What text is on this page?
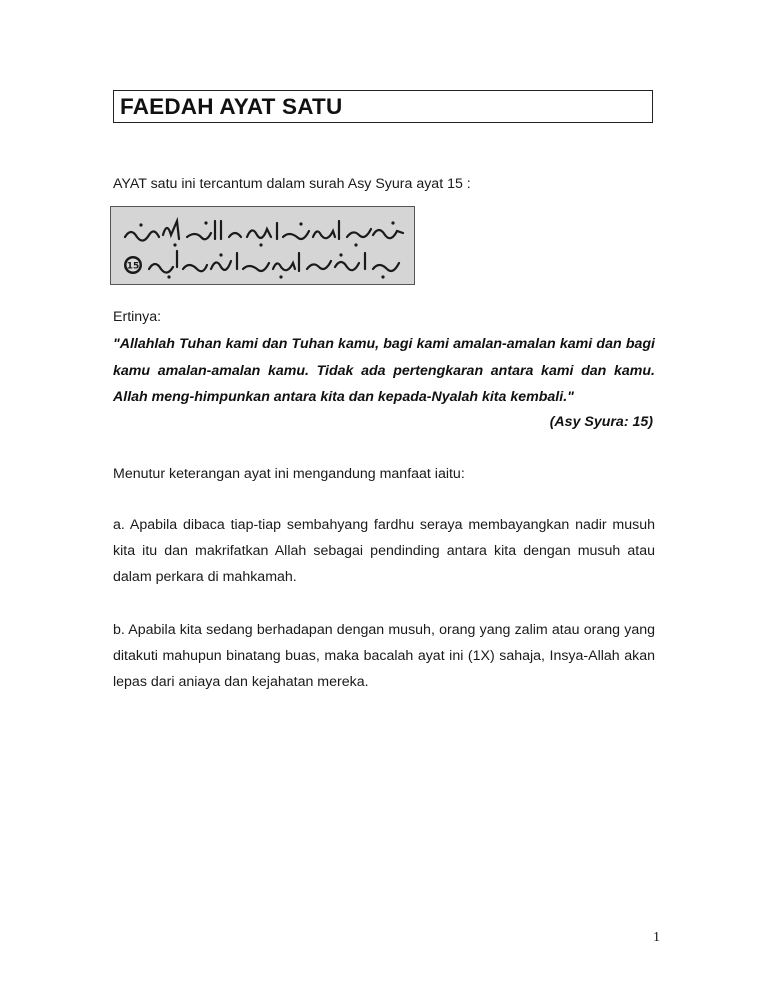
FAEDAH AYAT SATU
AYAT satu ini tercantum dalam surah Asy Syura ayat 15 :
15
Ertinya:
"Allahlah Tuhan kami dan Tuhan kamu, bagi kami amalan-amalan kami dan bagi kamu amalan-amalan kamu. Tidak ada pertengkaran antara kami dan kamu. Allah meng-himpunkan antara kita dan kepada-Nyalah kita kembali."
(Asy Syura: 15)
Menutur keterangan ayat ini mengandung manfaat iaitu:
a. Apabila dibaca tiap-tiap sembahyang fardhu seraya membayangkan nadir musuh kita itu dan makrifatkan Allah sebagai pendinding antara kita dengan musuh atau dalam perkara di mahkamah.
b. Apabila kita sedang berhadapan dengan musuh, orang yang zalim atau orang yang ditakuti mahupun binatang buas, maka bacalah ayat ini (1X) sahaja, Insya-Allah akan lepas dari aniaya dan kejahatan mereka.
1
